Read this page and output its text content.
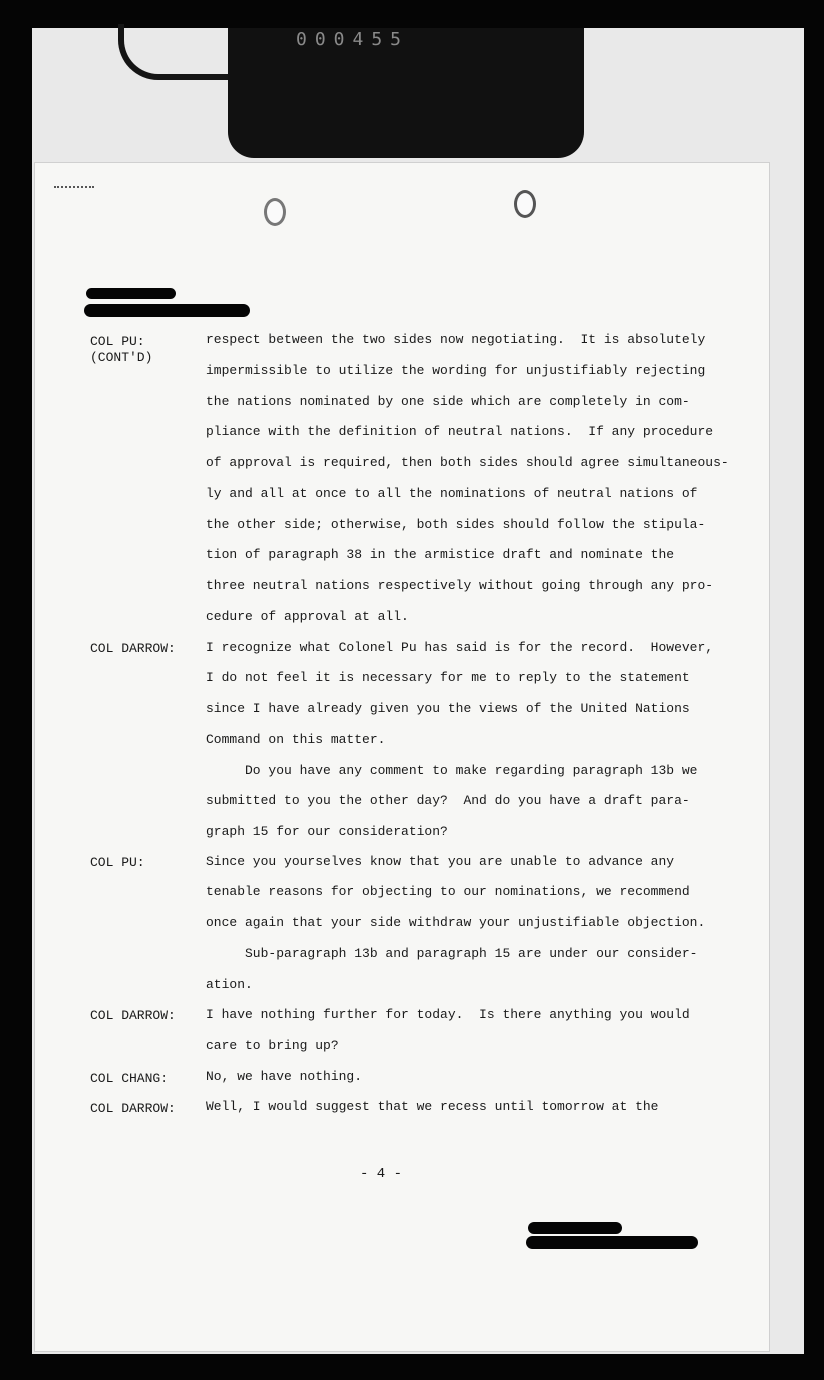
000455
COL PU:
(CONT'D)
COL DARROW:
COL PU:
COL DARROW:
COL CHANG:
COL DARROW:
respect between the two sides now negotiating.  It is absolutely
impermissible to utilize the wording for unjustifiably rejecting
the nations nominated by one side which are completely in com-
pliance with the definition of neutral nations.  If any procedure
of approval is required, then both sides should agree simultaneous-
ly and all at once to all the nominations of neutral nations of
the other side; otherwise, both sides should follow the stipula-
tion of paragraph 38 in the armistice draft and nominate the
three neutral nations respectively without going through any pro-
cedure of approval at all.
I recognize what Colonel Pu has said is for the record.  However,
I do not feel it is necessary for me to reply to the statement
since I have already given you the views of the United Nations
Command on this matter.
Do you have any comment to make regarding paragraph 13b we
submitted to you the other day?  And do you have a draft para-
graph 15 for our consideration?
Since you yourselves know that you are unable to advance any
tenable reasons for objecting to our nominations, we recommend
once again that your side withdraw your unjustifiable objection.
Sub-paragraph 13b and paragraph 15 are under our consider-
ation.
I have nothing further for today.  Is there anything you would
care to bring up?
No, we have nothing.
Well, I would suggest that we recess until tomorrow at the
- 4 -
